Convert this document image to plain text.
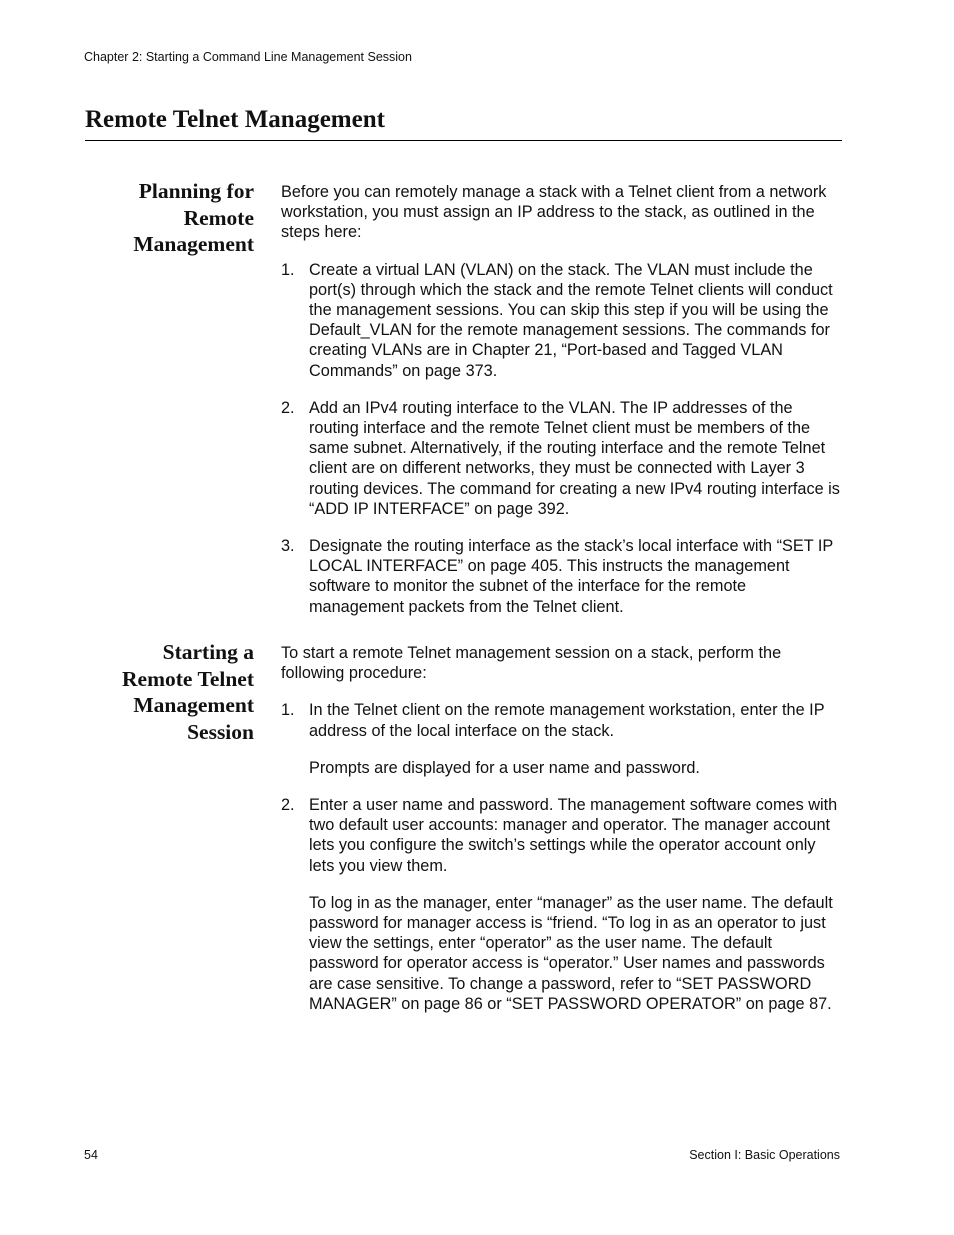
Chapter 2: Starting a Command Line Management Session
Remote Telnet Management
Planning for
Remote
Management

Before you can remotely manage a stack with a Telnet client from a network workstation, you must assign an IP address to the stack, as outlined in the steps here:

1. Create a virtual LAN (VLAN) on the stack. The VLAN must include the port(s) through which the stack and the remote Telnet clients will conduct the management sessions. You can skip this step if you will be using the Default_VLAN for the remote management sessions. The commands for creating VLANs are in Chapter 21, “Port-based and Tagged VLAN Commands” on page 373.

2. Add an IPv4 routing interface to the VLAN. The IP addresses of the routing interface and the remote Telnet client must be members of the same subnet. Alternatively, if the routing interface and the remote Telnet client are on different networks, they must be connected with Layer 3 routing devices. The command for creating a new IPv4 routing interface is “ADD IP INTERFACE” on page 392.

3. Designate the routing interface as the stack’s local interface with “SET IP LOCAL INTERFACE” on page 405. This instructs the management software to monitor the subnet of the interface for the remote management packets from the Telnet client.

Starting a
Remote Telnet
Management
Session

To start a remote Telnet management session on a stack, perform the following procedure:

1. In the Telnet client on the remote management workstation, enter the IP address of the local interface on the stack.

Prompts are displayed for a user name and password.

2. Enter a user name and password. The management software comes with two default user accounts: manager and operator. The manager account lets you configure the switch’s settings while the operator account only lets you view them.

To log in as the manager, enter “manager” as the user name. The default password for manager access is “friend. “To log in as an operator to just view the settings, enter “operator” as the user name. The default password for operator access is “operator.” User names and passwords are case sensitive. To change a password, refer to “SET PASSWORD MANAGER” on page 86 or “SET PASSWORD OPERATOR” on page 87.

54	Section I: Basic Operations
